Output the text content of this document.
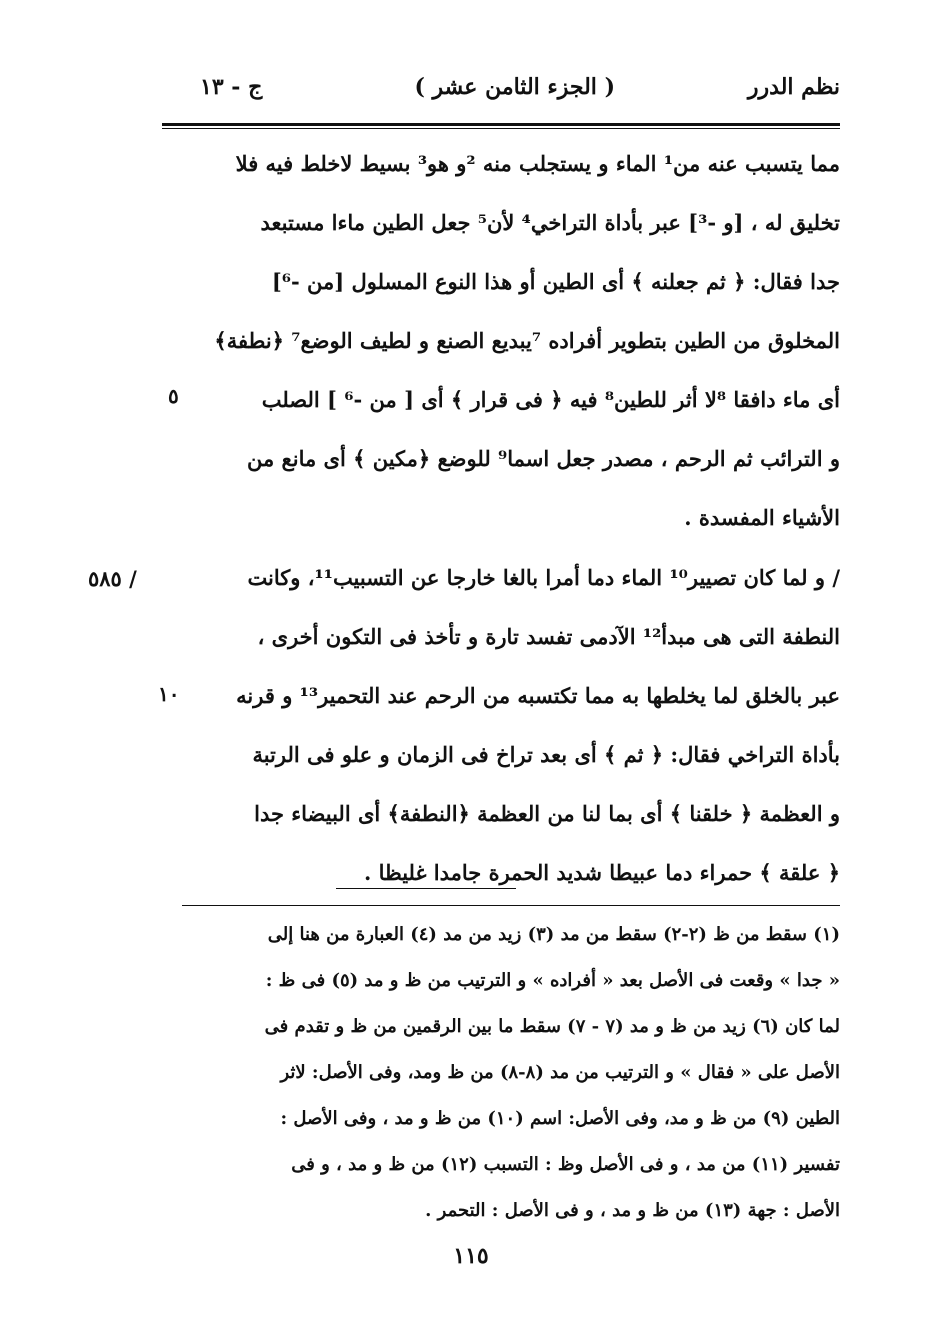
نظم الدرر
( الجزء الثامن عشر )
ج - ١٣
مما يتسبب عنه من¹ الماء و يستجلب منه ²و هو³ بسيط لاخلط فيه فلا
تخليق له ، [و -³] عبر بأداة التراخي⁴ لأن⁵ جعل الطين ماءا مستبعد
جدا فقال: ﴿ ثم جعلنه ﴾ أى الطين أو هذا النوع المسلول [من -⁶]
المخلوق من الطين بتطوير أفراده ⁷يبديع الصنع و لطيف الوضع⁷ ﴿نطفة﴾
أى ماء دافقا ⁸لا أثر للطين⁸ فيه ﴿ فى قرار ﴾ أى [ من -⁶ ] الصلب
و الترائب ثم الرحم ، مصدر جعل اسما⁹ للوضع ﴿مكين ﴾ أى مانع من
الأشياء المفسدة .
٥
/ ٥٨٥	/ و لما كان تصيير¹⁰ الماء دما أمرا بالغا خارجا عن التسبيب¹¹، وكانت
النطفة التى هى مبدأ¹² الآدمى تفسد تارة و تأخذ فى التكون أخرى ،
عبر بالخلق لما يخلطها به مما تكتسبه من الرحم عند التحمير¹³ و قرنه
بأداة التراخي فقال: ﴿ ثم ﴾ أى بعد تراخ فى الزمان و علو فى الرتبة
و العظمة ﴿ خلقنا ﴾ أى بما لنا من العظمة ﴿النطفة﴾ أى البيضاء جدا
﴿ علقة ﴾ حمراء دما عبيطا شديد الحمرة جامدا غليظا .
١٠
(١) سقط من ظ (٢-٢) سقط من مد (٣) زيد من مد (٤) العبارة من هنا إلى
« جدا » وقعت فى الأصل بعد « أفراده » و الترتيب من ظ و مد (٥) فى ظ :
لما كان (٦) زيد من ظ و مد (٧ - ٧) سقط ما بين الرقمين من ظ و تقدم فى
الأصل على « فقال » و الترتيب من مد (٨-٨) من ظ ومد، وفى الأصل: لاثر
الطين (٩) من ظ و مد، وفى الأصل: اسم (١٠) من ظ و مد ، وفى الأصل :
تفسير (١١) من مد ، و فى الأصل وظ : التسبب (١٢) من ظ و مد ، و فى
الأصل : جهة (١٣) من ظ و مد ، و فى الأصل : التحمر .
١١٥
